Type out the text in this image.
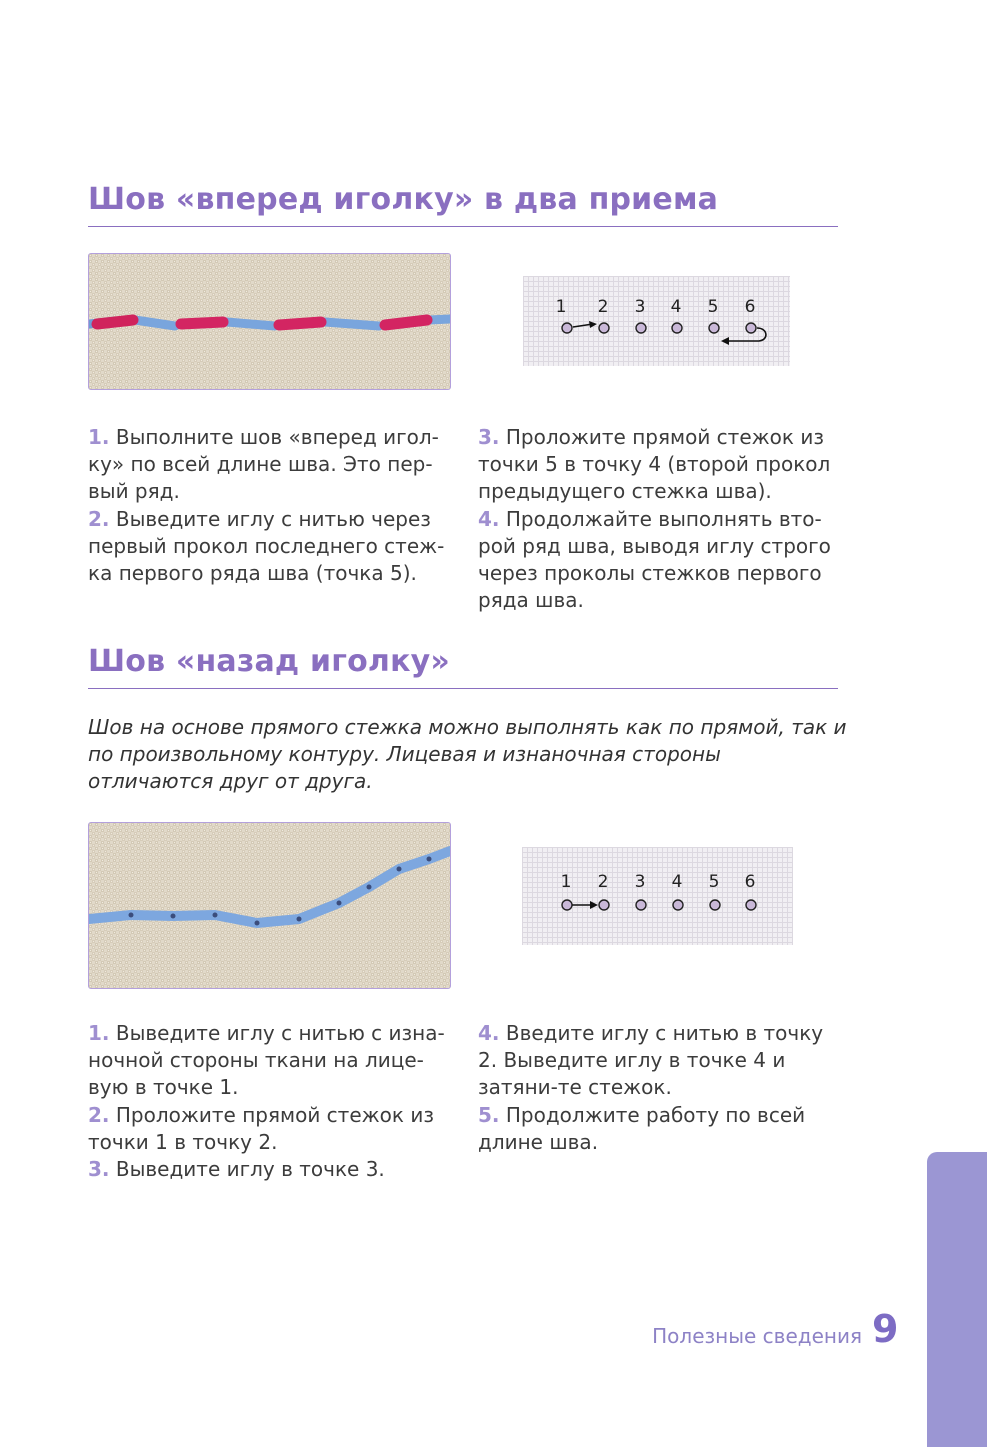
Шов «вперед иголку» в два приема
1 2 3 4 5 6

1. Выполните шов «вперед игол-ку» по всей длине шва. Это пер-вый ряд.

2. Выведите иглу с нитью через первый прокол последнего стеж-ка первого ряда шва (точка 5).

3. Проложите прямой стежок из точки 5 в точку 4 (второй прокол предыдущего стежка шва).

4. Продолжайте выполнять вто-рой ряд шва, выводя иглу строго через проколы стежков первого ряда шва.

Шов «назад иголку»
Шов на основе прямого стежка можно выполнять как по прямой, так и по произвольному контуру. Лицевая и изнаночная стороны отличаются друг от друга.
1 2 3 4 5 6

1. Выведите иглу с нитью с изна-ночной стороны ткани на лице-вую в точке 1.

2. Проложите прямой стежок из точки 1 в точку 2.

3. Выведите иглу в точке 3.

4. Введите иглу с нитью в точку 2. Выведите иглу в точке 4 и затяни-те стежок.

5. Продолжите работу по всей длине шва.

Полезные сведения 9
